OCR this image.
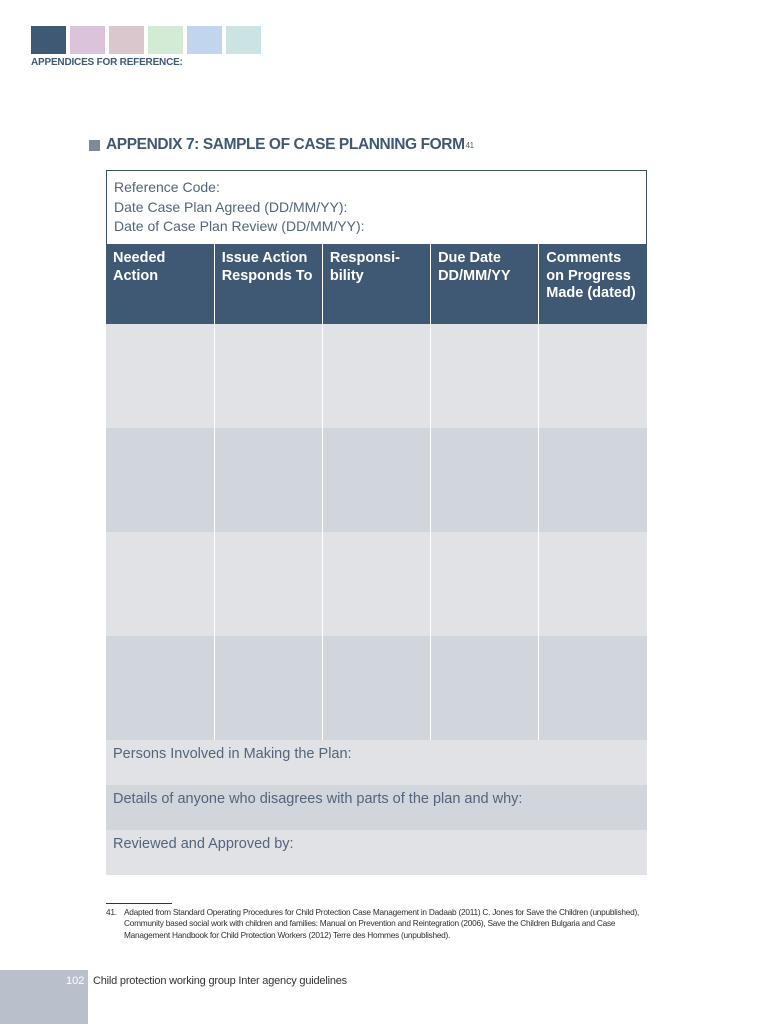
APPENDICES FOR REFERENCE:
APPENDIX 7: SAMPLE OF CASE PLANNING FORM 41
Reference Code:
Date Case Plan Agreed (DD/MM/YY):
Date of Case Plan Review (DD/MM/YY):
Needed Action	Issue Action Responds To	Responsi-bility	Due Date DD/MM/YY	Comments on Progress Made (dated)

Persons Involved in Making the Plan:
Details of anyone who disagrees with parts of the plan and why:
Reviewed and Approved by:
41. Adapted from Standard Operating Procedures for Child Protection Case Management in Dadaab (2011) C. Jones for Save the Children (unpublished), Community based social work with children and families: Manual on Prevention and Reintegration (2006), Save the Children Bulgaria and Case Management Handbook for Child Protection Workers (2012) Terre des Hommes (unpublished).
102 Child protection working group Inter agency guidelines
